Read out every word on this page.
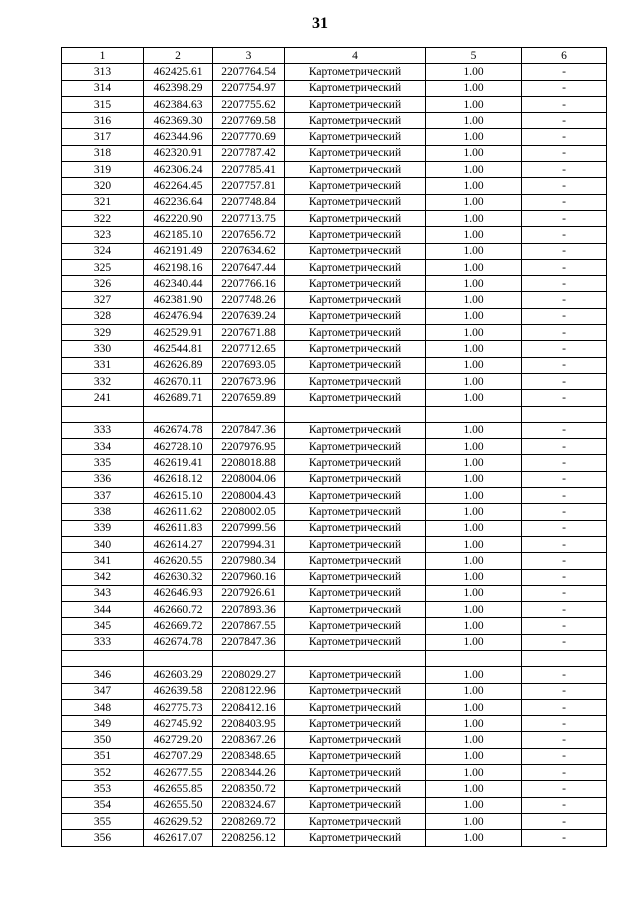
31
1	2	3	4	5	6
313	462425.61	2207764.54	Картометрический	1.00	-
314	462398.29	2207754.97	Картометрический	1.00	-
315	462384.63	2207755.62	Картометрический	1.00	-
316	462369.30	2207769.58	Картометрический	1.00	-
317	462344.96	2207770.69	Картометрический	1.00	-
318	462320.91	2207787.42	Картометрический	1.00	-
319	462306.24	2207785.41	Картометрический	1.00	-
320	462264.45	2207757.81	Картометрический	1.00	-
321	462236.64	2207748.84	Картометрический	1.00	-
322	462220.90	2207713.75	Картометрический	1.00	-
323	462185.10	2207656.72	Картометрический	1.00	-
324	462191.49	2207634.62	Картометрический	1.00	-
325	462198.16	2207647.44	Картометрический	1.00	-
326	462340.44	2207766.16	Картометрический	1.00	-
327	462381.90	2207748.26	Картометрический	1.00	-
328	462476.94	2207639.24	Картометрический	1.00	-
329	462529.91	2207671.88	Картометрический	1.00	-
330	462544.81	2207712.65	Картометрический	1.00	-
331	462626.89	2207693.05	Картометрический	1.00	-
332	462670.11	2207673.96	Картометрический	1.00	-
241	462689.71	2207659.89	Картометрический	1.00	-

333	462674.78	2207847.36	Картометрический	1.00	-
334	462728.10	2207976.95	Картометрический	1.00	-
335	462619.41	2208018.88	Картометрический	1.00	-
336	462618.12	2208004.06	Картометрический	1.00	-
337	462615.10	2208004.43	Картометрический	1.00	-
338	462611.62	2208002.05	Картометрический	1.00	-
339	462611.83	2207999.56	Картометрический	1.00	-
340	462614.27	2207994.31	Картометрический	1.00	-
341	462620.55	2207980.34	Картометрический	1.00	-
342	462630.32	2207960.16	Картометрический	1.00	-
343	462646.93	2207926.61	Картометрический	1.00	-
344	462660.72	2207893.36	Картометрический	1.00	-
345	462669.72	2207867.55	Картометрический	1.00	-
333	462674.78	2207847.36	Картометрический	1.00	-

346	462603.29	2208029.27	Картометрический	1.00	-
347	462639.58	2208122.96	Картометрический	1.00	-
348	462775.73	2208412.16	Картометрический	1.00	-
349	462745.92	2208403.95	Картометрический	1.00	-
350	462729.20	2208367.26	Картометрический	1.00	-
351	462707.29	2208348.65	Картометрический	1.00	-
352	462677.55	2208344.26	Картометрический	1.00	-
353	462655.85	2208350.72	Картометрический	1.00	-
354	462655.50	2208324.67	Картометрический	1.00	-
355	462629.52	2208269.72	Картометрический	1.00	-
356	462617.07	2208256.12	Картометрический	1.00	-
